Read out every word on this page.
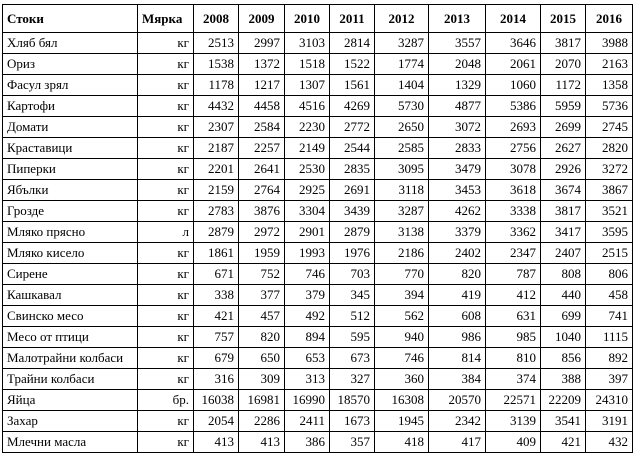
Стоки	Мярка	2008	2009	2010	2011	2012	2013	2014	2015	2016
Хляб бял	кг	2513	2997	3103	2814	3287	3557	3646	3817	3988
Ориз	кг	1538	1372	1518	1522	1774	2048	2061	2070	2163
Фасул зрял	кг	1178	1217	1307	1561	1404	1329	1060	1172	1358
Картофи	кг	4432	4458	4516	4269	5730	4877	5386	5959	5736
Домати	кг	2307	2584	2230	2772	2650	3072	2693	2699	2745
Краставици	кг	2187	2257	2149	2544	2585	2833	2756	2627	2820
Пиперки	кг	2201	2641	2530	2835	3095	3479	3078	2926	3272
Ябълки	кг	2159	2764	2925	2691	3118	3453	3618	3674	3867
Грозде	кг	2783	3876	3304	3439	3287	4262	3338	3817	3521
Мляко прясно	л	2879	2972	2901	2879	3138	3379	3362	3417	3595
Мляко кисело	кг	1861	1959	1993	1976	2186	2402	2347	2407	2515
Сирене	кг	671	752	746	703	770	820	787	808	806
Кашкавал	кг	338	377	379	345	394	419	412	440	458
Свинско месо	кг	421	457	492	512	562	608	631	699	741
Месо от птици	кг	757	820	894	595	940	986	985	1040	1115
Малотрайни колбаси	кг	679	650	653	673	746	814	810	856	892
Трайни колбаси	кг	316	309	313	327	360	384	374	388	397
Яйца	бр.	16038	16981	16990	18570	16308	20570	22571	22209	24310
Захар	кг	2054	2286	2411	1673	1945	2342	3139	3541	3191
Млечни масла	кг	413	413	386	357	418	417	409	421	432
